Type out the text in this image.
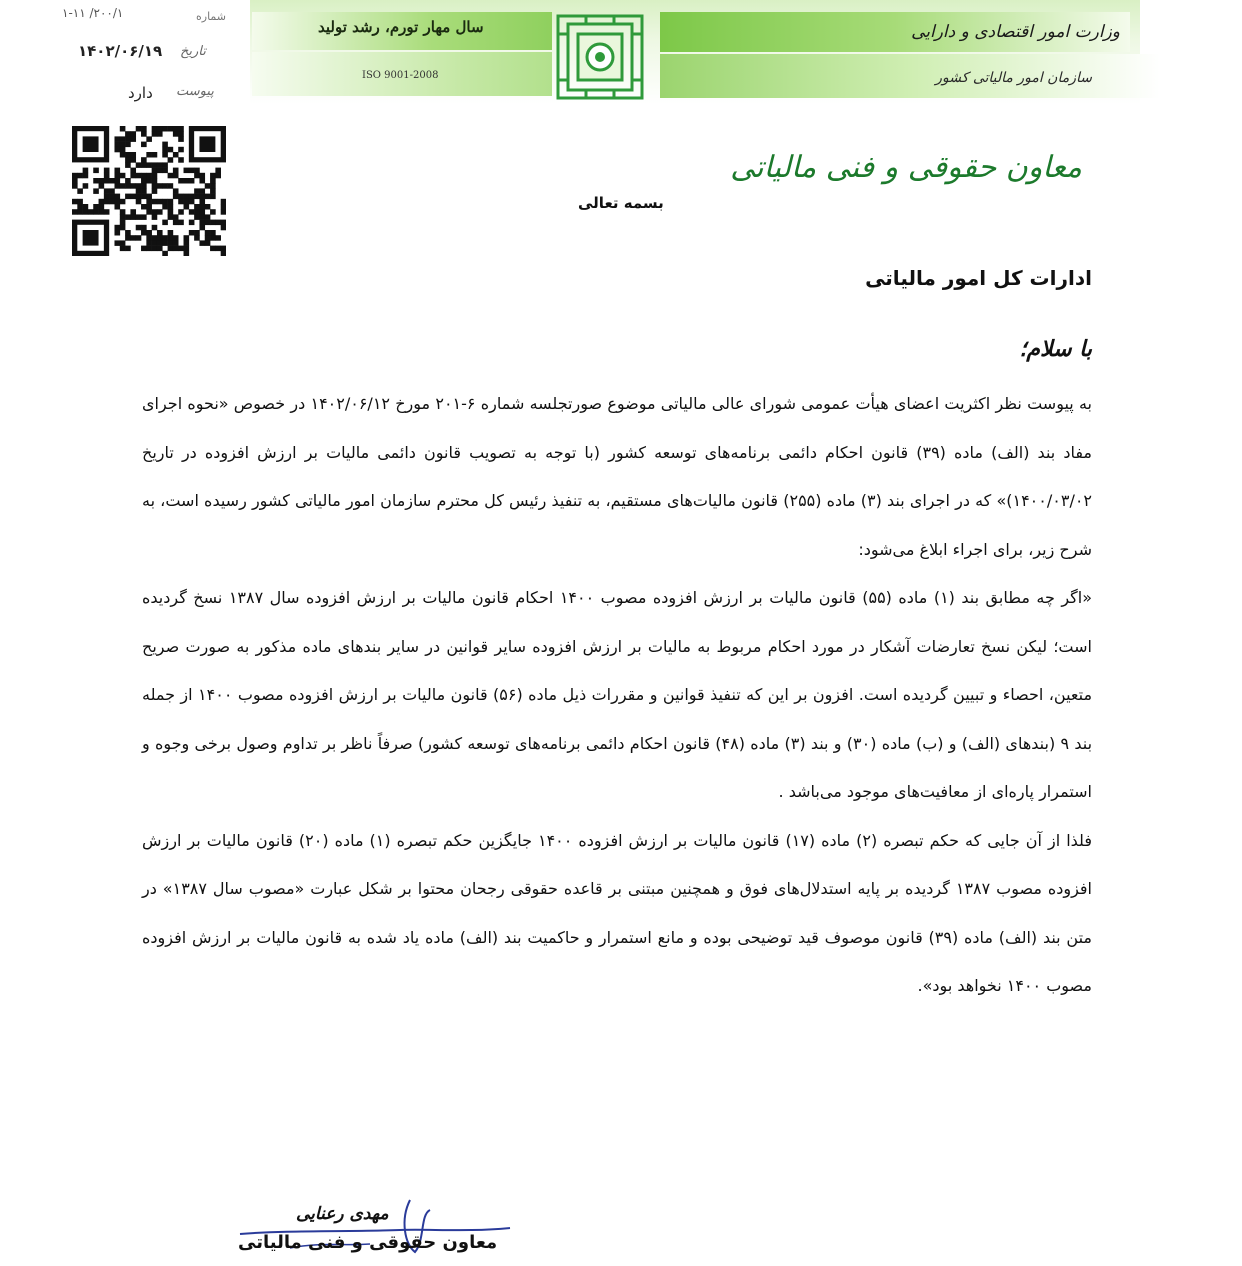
سال مهار تورم، رشد تولید
ISO 9001-2008
وزارت امور اقتصادی و دارایی
سازمان امور مالیاتی کشور
۲۰۰/۱/ ۱-۱۱	شماره
۱۴۰۲/۰۶/۱۹ تاریخ
دارد پیوست
معاون حقوقی و فنی مالیاتی
بسمه تعالی
ادارات کل امور مالیاتی
با سلام؛

به پیوست نظر اکثریت اعضای هیأت عمومی شورای عالی مالیاتی موضوع صورتجلسه شماره ۶-۲۰۱ مورخ ۱۴۰۲/۰۶/۱۲ در خصوص «نحوه اجرای مفاد بند (الف) ماده (۳۹) قانون احکام دائمی برنامه‌های توسعه کشور (با توجه به تصویب قانون دائمی مالیات بر ارزش افزوده در تاریخ ۱۴۰۰/۰۳/۰۲)» که در اجرای بند (۳) ماده (۲۵۵) قانون مالیات‌های مستقیم، به تنفیذ رئیس کل محترم سازمان امور مالیاتی کشور رسیده است، به شرح زیر، برای اجراء ابلاغ می‌شود:

«اگر چه مطابق بند (۱) ماده (۵۵) قانون مالیات بر ارزش افزوده مصوب ۱۴۰۰ احکام قانون مالیات بر ارزش افزوده سال ۱۳۸۷ نسخ گردیده است؛ لیکن نسخ تعارضات آشکار در مورد احکام مربوط به مالیات بر ارزش افزوده سایر قوانین در سایر بندهای ماده مذکور به صورت صریح متعین، احصاء و تبیین گردیده است. افزون بر این که تنفیذ قوانین و مقررات ذیل ماده (۵۶) قانون مالیات بر ارزش افزوده مصوب ۱۴۰۰ از جمله بند ۹ (بندهای (الف) و (ب) ماده (۳۰) و بند (۳) ماده (۴۸) قانون احکام دائمی برنامه‌های توسعه کشور) صرفاً ناظر بر تداوم وصول برخی وجوه و استمرار پاره‌ای از معافیت‌های موجود می‌باشد .

فلذا از آن جایی که حکم تبصره (۲) ماده (۱۷) قانون مالیات بر ارزش افزوده ۱۴۰۰ جایگزین حکم تبصره (۱) ماده (۲۰) قانون مالیات بر ارزش افزوده مصوب ۱۳۸۷ گردیده بر پایه استدلال‌های فوق و همچنین مبتنی بر قاعده حقوقی رجحان محتوا بر شکل عبارت «مصوب سال ۱۳۸۷» در متن بند (الف) ماده (۳۹) قانون موصوف قید توضیحی بوده و مانع استمرار و حاکمیت بند (الف) ماده یاد شده به قانون مالیات بر ارزش افزوده مصوب ۱۴۰۰ نخواهد بود».

مهدی رعنایی
معاون حقوقی و فنی مالیاتی
